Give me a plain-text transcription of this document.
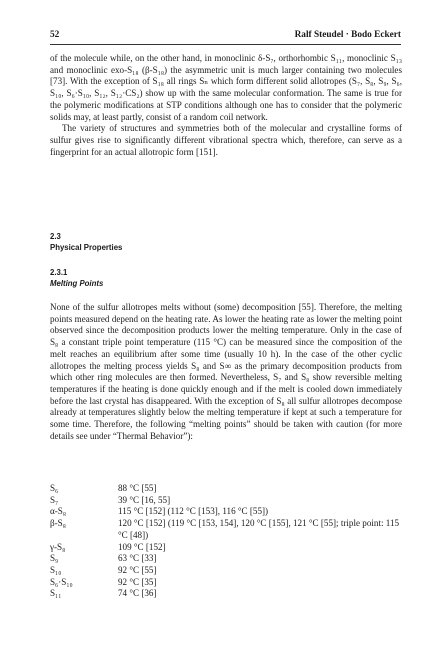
52	Ralf Steudel · Bodo Eckert

of the molecule while, on the other hand, in monoclinic δ-S₇, orthorhombic S₁₁, monoclinic S₁₃ and monoclinic exo-S₁₈ (β-S₁₈) the asymmetric unit is much larger containing two molecules [73]. With the exception of S₁₈ all rings Sₙ which form different solid allotropes (S₇, S₈, S₉, S₆, S₁₀, S₆·S₁₀, S₁₂, S₁₂·CS₂) show up with the same molecular conformation. The same is true for the polymeric modifications at STP conditions although one has to consider that the polymeric solids may, at least partly, consist of a random coil network.

The variety of structures and symmetries both of the molecular and crystalline forms of sulfur gives rise to significantly different vibrational spectra which, therefore, can serve as a fingerprint for an actual allotropic form [151].

2.3

Physical Properties

2.3.1

Melting Points

None of the sulfur allotropes melts without (some) decomposition [55]. Therefore, the melting points measured depend on the heating rate. As lower the heating rate as lower the melting point observed since the decomposition products lower the melting temperature. Only in the case of S₈ a constant triple point temperature (115 °C) can be measured since the composition of the melt reaches an equilibrium after some time (usually 10 h). In the case of the other cyclic allotropes the melting process yields S₈ and S∞ as the primary decomposition products from which other ring molecules are then formed. Nevertheless, S₇ and S₈ show reversible melting temperatures if the heating is done quickly enough and if the melt is cooled down immediately before the last crystal has disappeared. With the exception of S₈ all sulfur allotropes decompose already at temperatures slightly below the melting temperature if kept at such a temperature for some time. Therefore, the following “melting points” should be taken with caution (for more details see under “Thermal Behavior”):

S₆	88 °C [55]
S₇	39 °C [16, 55]
α-S₈	115 °C [152] (112 °C [153], 116 °C [55])
β-S₈	120 °C [152] (119 °C [153, 154], 120 °C [155], 121 °C [55]; triple point: 115 °C [48])
γ-S₈	109 °C [152]
S₉	63 °C [33]
S₁₀	92 °C [55]
S₆·S₁₀	92 °C [35]
S₁₁	74 °C [36]
